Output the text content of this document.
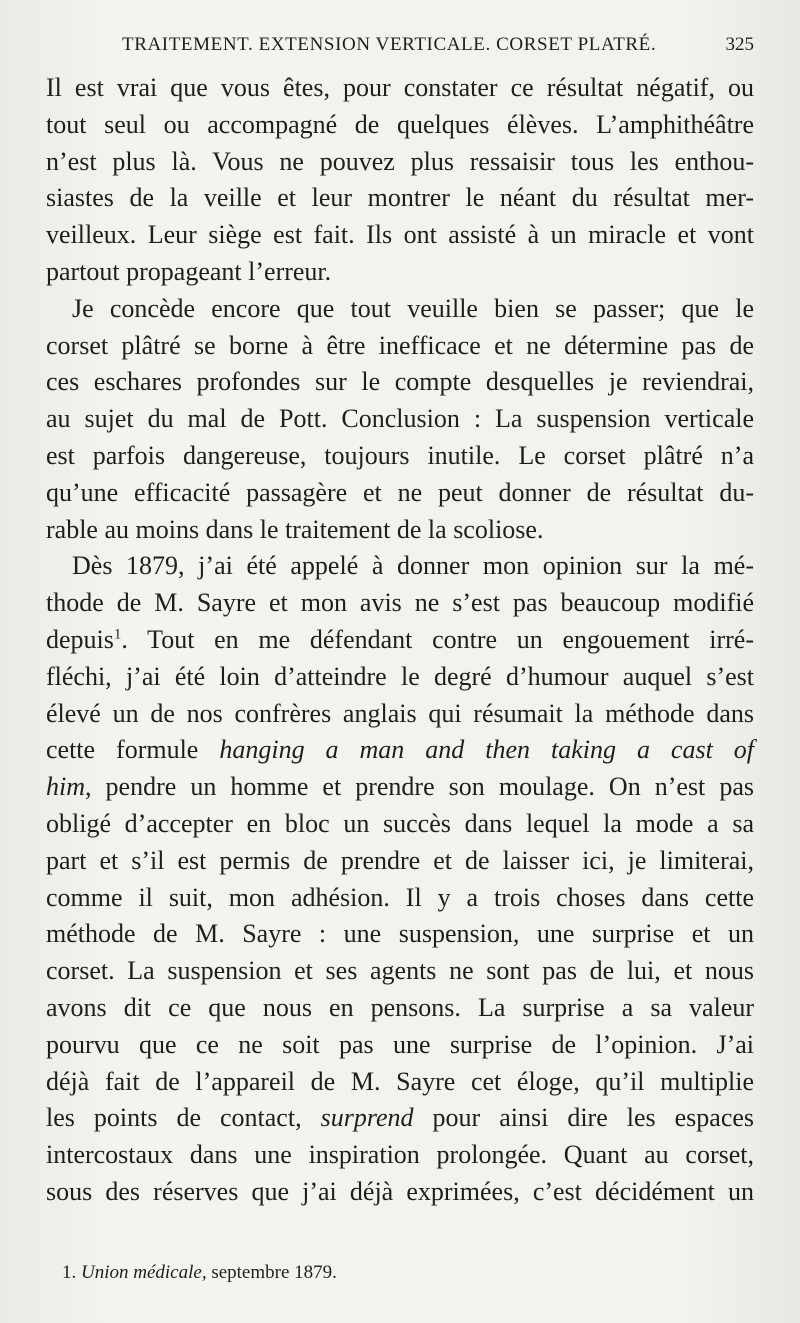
TRAITEMENT. EXTENSION VERTICALE. CORSET PLATRÉ.	325
Il est vrai que vous êtes, pour constater ce résultat négatif, ou
tout seul ou accompagné de quelques élèves. L’amphithéâtre
n’est plus là. Vous ne pouvez plus ressaisir tous les enthou-
siastes de la veille et leur montrer le néant du résultat mer-
veilleux. Leur siège est fait. Ils ont assisté à un miracle et vont
partout propageant l’erreur.
Je concède encore que tout veuille bien se passer; que le
corset plâtré se borne à être inefficace et ne détermine pas de
ces eschares profondes sur le compte desquelles je reviendrai,
au sujet du mal de Pott. Conclusion : La suspension verticale
est parfois dangereuse, toujours inutile. Le corset plâtré n’a
qu’une efficacité passagère et ne peut donner de résultat du-
rable au moins dans le traitement de la scoliose.
Dès 1879, j’ai été appelé à donner mon opinion sur la mé-
thode de M. Sayre et mon avis ne s’est pas beaucoup modifié
depuis$^1$. Tout en me défendant contre un engouement irré-
fléchi, j’ai été loin d’atteindre le degré d’humour auquel s’est
élevé un de nos confrères anglais qui résumait la méthode dans
cette formule hanging a man and then taking a cast of
him, pendre un homme et prendre son moulage. On n’est pas
obligé d’accepter en bloc un succès dans lequel la mode a sa
part et s’il est permis de prendre et de laisser ici, je limiterai,
comme il suit, mon adhésion. Il y a trois choses dans cette
méthode de M. Sayre : une suspension, une surprise et un
corset. La suspension et ses agents ne sont pas de lui, et nous
avons dit ce que nous en pensons. La surprise a sa valeur
pourvu que ce ne soit pas une surprise de l’opinion. J’ai
déjà fait de l’appareil de M. Sayre cet éloge, qu’il multiplie
les points de contact, surprend pour ainsi dire les espaces
intercostaux dans une inspiration prolongée. Quant au corset,
sous des réserves que j’ai déjà exprimées, c’est décidément un
1. Union médicale, septembre 1879.
